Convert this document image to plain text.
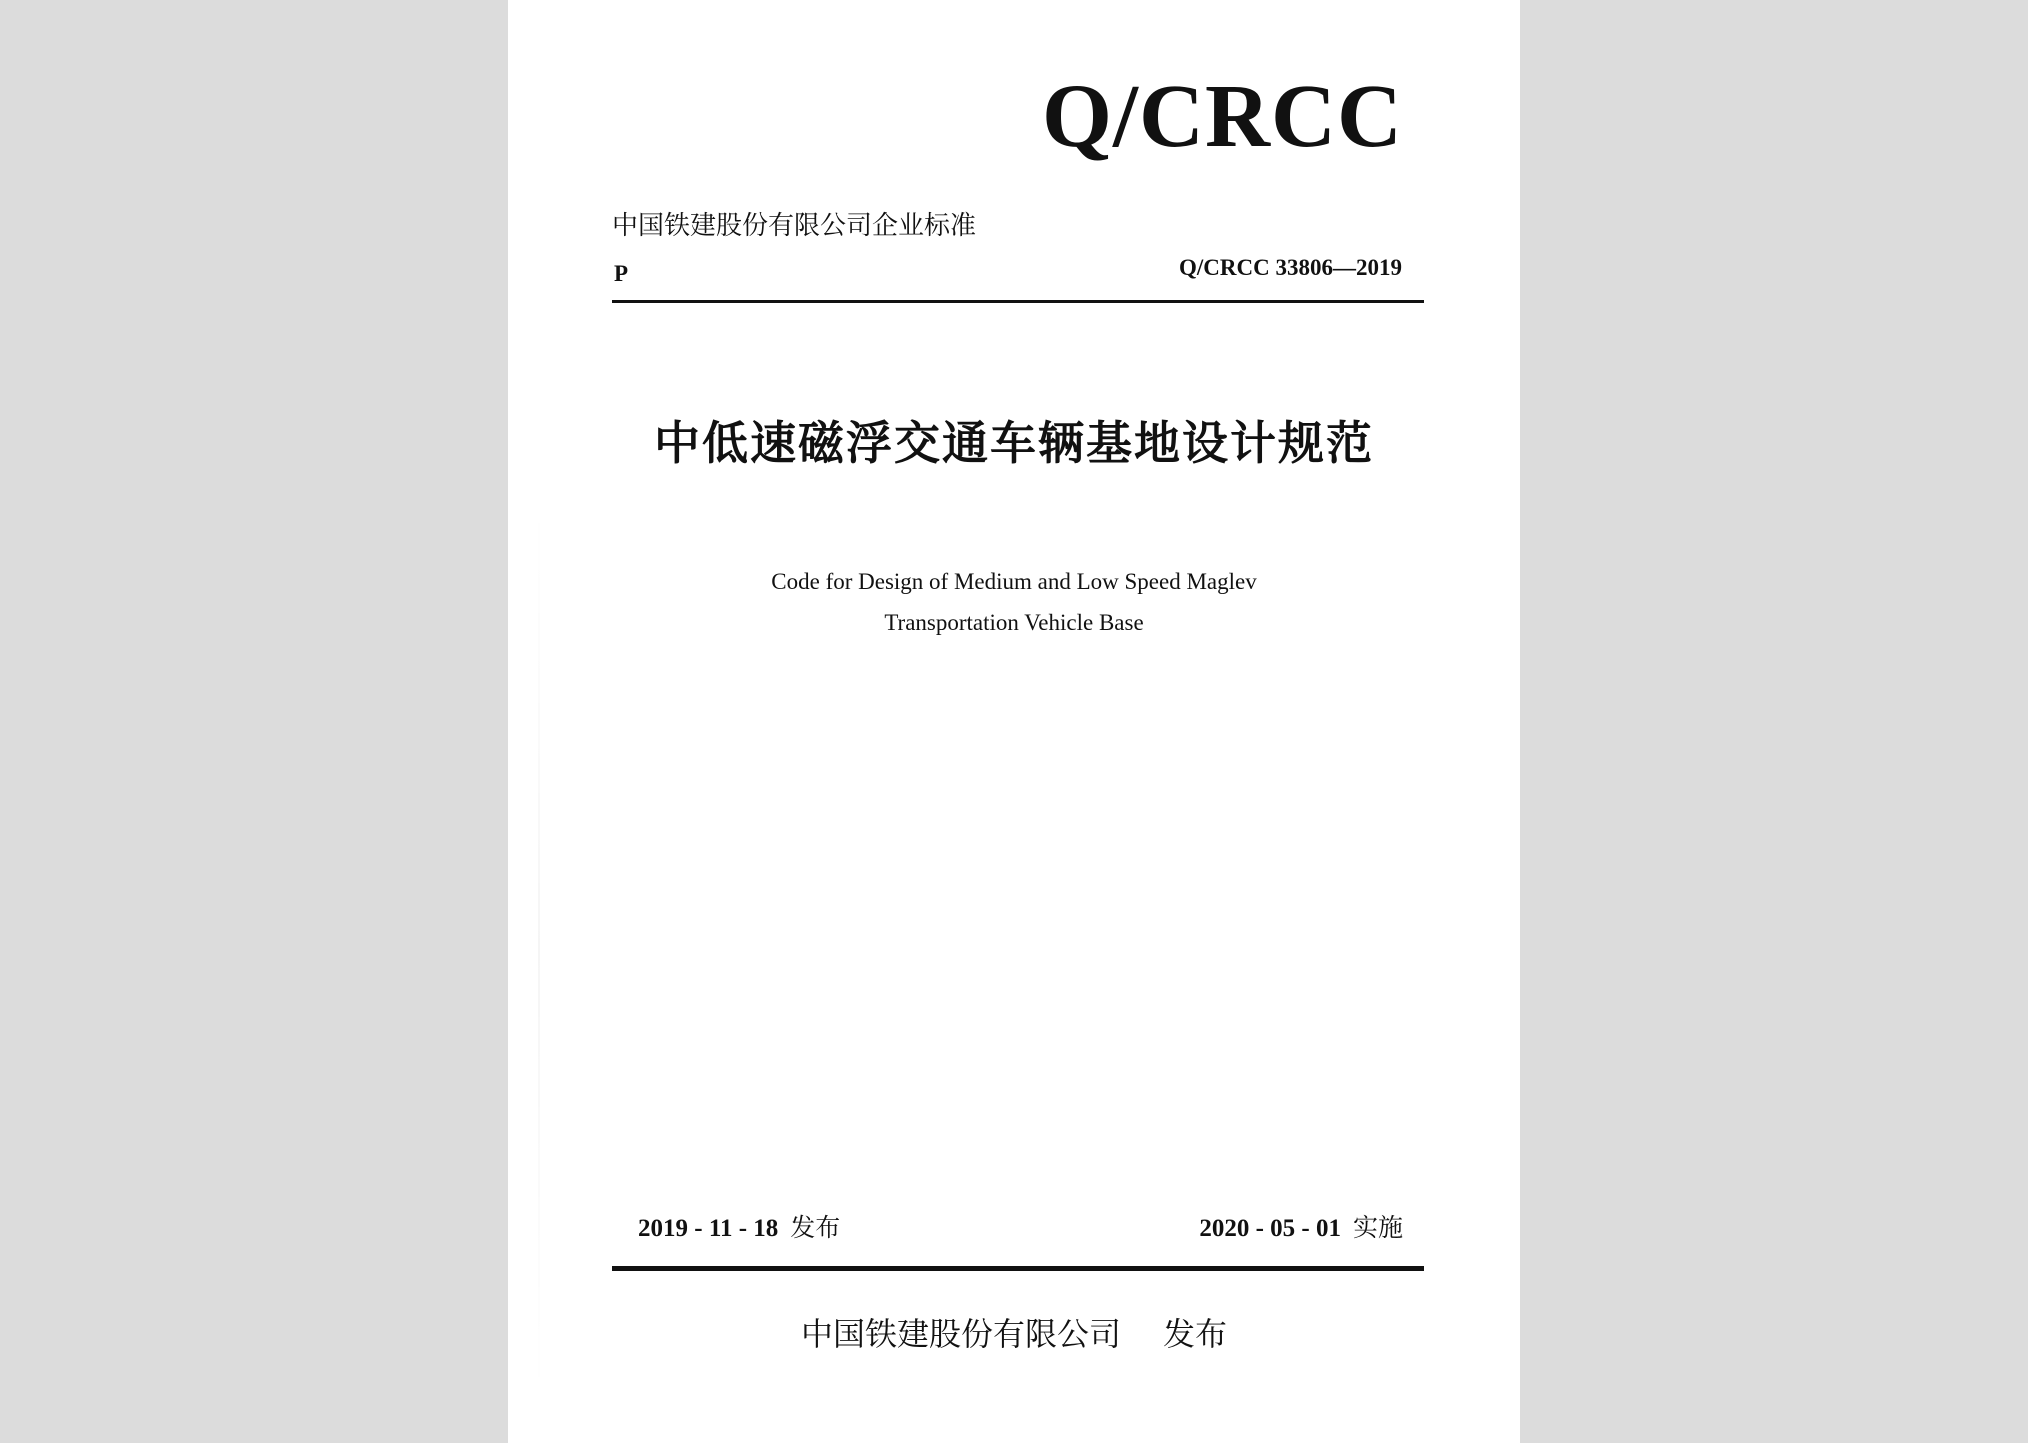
Q/CRCC
中国铁建股份有限公司企业标准
P	Q/CRCC 33806—2019
中低速磁浮交通车辆基地设计规范
Code for Design of Medium and Low Speed Maglev
Transportation Vehicle Base
2019 - 11 - 18 发布	2020 - 05 - 01 实施
中国铁建股份有限公司 发布
